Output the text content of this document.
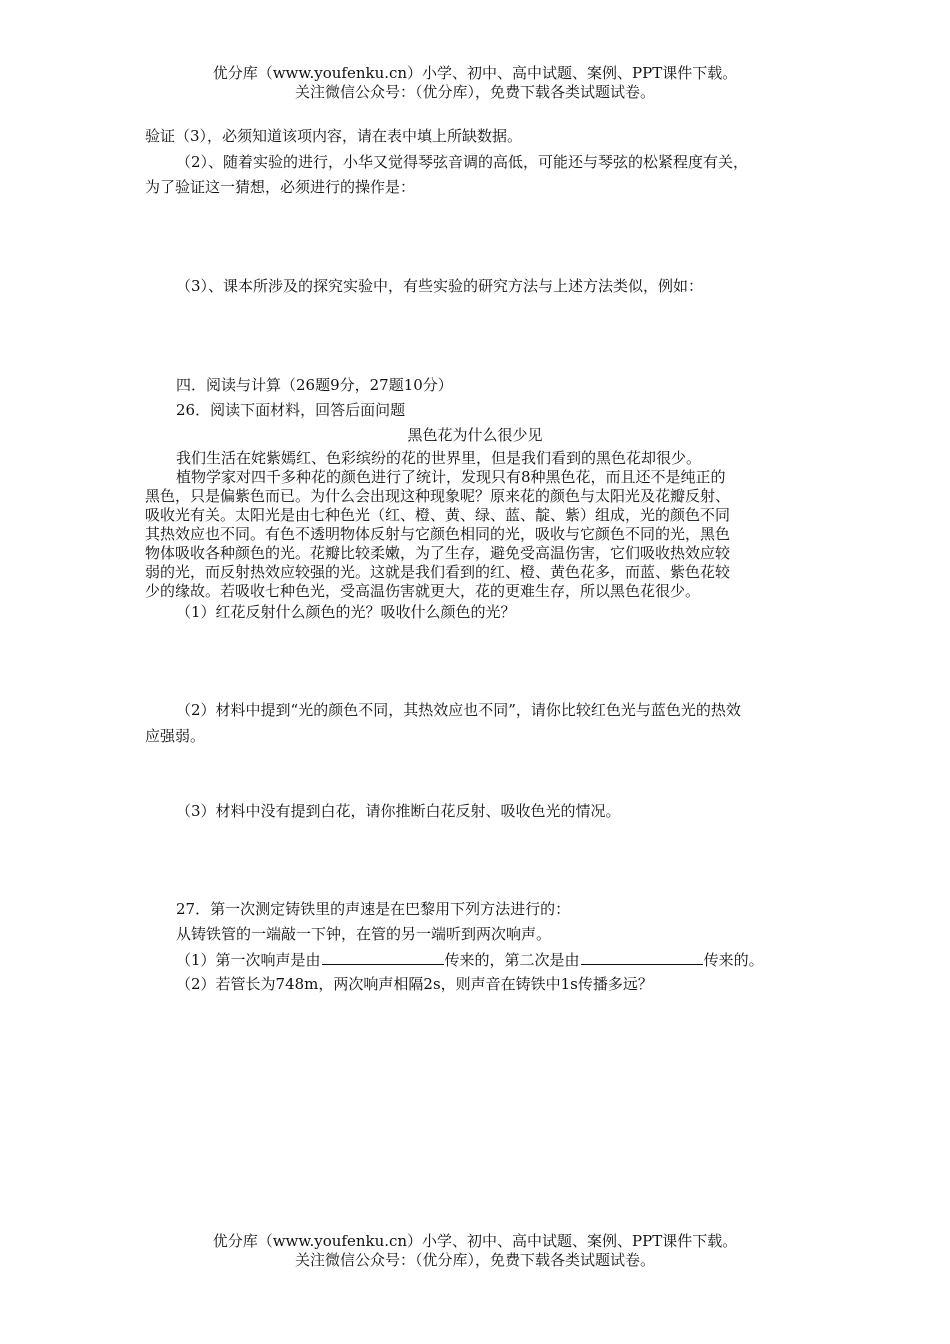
优分库（www.youfenku.cn）小学、初中、高中试题、案例、PPT课件下载。
关注微信公众号：（优分库），免费下载各类试题试卷。
验证（3），必须知道该项内容，请在表中填上所缺数据。
（2）、随着实验的进行，小华又觉得琴弦音调的高低，可能还与琴弦的松紧程度有关，
为了验证这一猜想，必须进行的操作是：
（3）、课本所涉及的探究实验中，有些实验的研究方法与上述方法类似，例如：
四．阅读与计算（26题9分，27题10分）
26．阅读下面材料，回答后面问题
黑色花为什么很少见
我们生活在姹紫嫣红、色彩缤纷的花的世界里，但是我们看到的黑色花却很少。
植物学家对四千多种花的颜色进行了统计，发现只有8种黑色花，而且还不是纯正的
黑色，只是偏紫色而已。为什么会出现这种现象呢？原来花的颜色与太阳光及花瓣反射、
吸收光有关。太阳光是由七种色光（红、橙、黄、绿、蓝、靛、紫）组成，光的颜色不同
其热效应也不同。有色不透明物体反射与它颜色相同的光，吸收与它颜色不同的光，黑色
物体吸收各种颜色的光。花瓣比较柔嫩，为了生存，避免受高温伤害，它们吸收热效应较
弱的光，而反射热效应较强的光。这就是我们看到的红、橙、黄色花多，而蓝、紫色花较
少的缘故。若吸收七种色光，受高温伤害就更大，花的更难生存，所以黑色花很少。
（1）红花反射什么颜色的光？吸收什么颜色的光？
（2）材料中提到“光的颜色不同，其热效应也不同”，请你比较红色光与蓝色光的热效
应强弱。
（3）材料中没有提到白花，请你推断白花反射、吸收色光的情况。
27．第一次测定铸铁里的声速是在巴黎用下列方法进行的：
从铸铁管的一端敲一下钟，在管的另一端听到两次响声。
（1）第一次响声是由	传来的，第二次是由	传来的。
（2）若管长为748m，两次响声相隔2s，则声音在铸铁中1s传播多远？
优分库（www.youfenku.cn）小学、初中、高中试题、案例、PPT课件下载。
关注微信公众号：（优分库），免费下载各类试题试卷。
